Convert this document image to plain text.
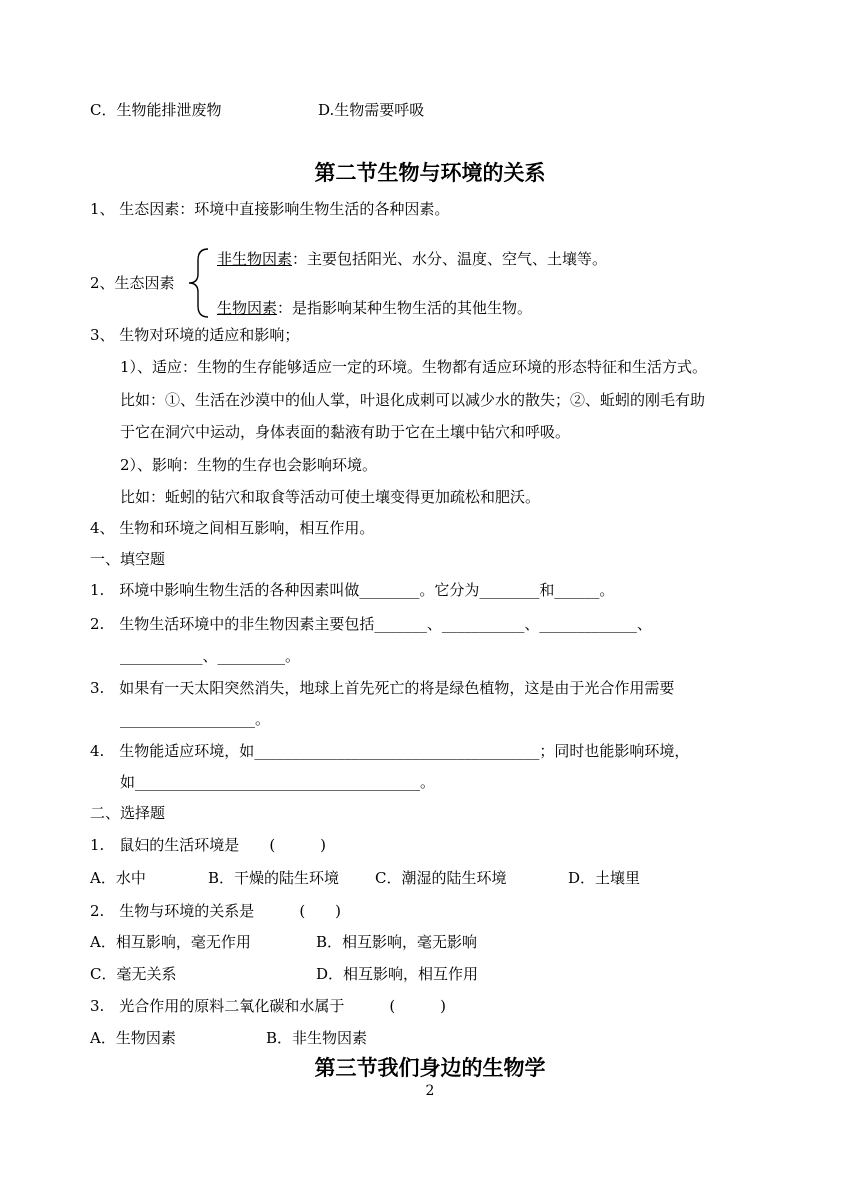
C．生物能排泄废物	D.生物需要呼吸
第二节生物与环境的关系
1、 生态因素：环境中直接影响生物生活的各种因素。
2、生态因素
非生物因素：主要包括阳光、水分、温度、空气、土壤等。
生物因素：是指影响某种生物生活的其他生物。
3、 生物对环境的适应和影响；
1）、适应：生物的生存能够适应一定的环境。生物都有适应环境的形态特征和生活方式。
比如：①、生活在沙漠中的仙人掌，叶退化成刺可以减少水的散失；②、蚯蚓的刚毛有助
于它在洞穴中运动，身体表面的黏液有助于它在土壤中钻穴和呼吸。
2）、影响：生物的生存也会影响环境。
比如：蚯蚓的钻穴和取食等活动可使土壤变得更加疏松和肥沃。
4、 生物和环境之间相互影响，相互作用。
一、填空题
1.　环境中影响生物生活的各种因素叫做________。它分为________和______。
2.　生物生活环境中的非生物因素主要包括_______、___________、_____________、
___________、_________。
3.　如果有一天太阳突然消失，地球上首先死亡的将是绿色植物，这是由于光合作用需要
__________________。
4.　生物能适应环境，如______________________________________；同时也能影响环境，
如______________________________________。
二、选择题
1.　鼠妇的生活环境是　　(　　　)
A．水中	B．干燥的陆生环境 C．潮湿的陆生环境	D．土壤里
2.　生物与环境的关系是　　　(　　)
A．相互影响，毫无作用	B．相互影响，毫无影响
C．毫无关系	D．相互影响，相互作用
3.　光合作用的原料二氧化碳和水属于　　　(　　　)
A．生物因素	B．非生物因素
第三节我们身边的生物学
2
